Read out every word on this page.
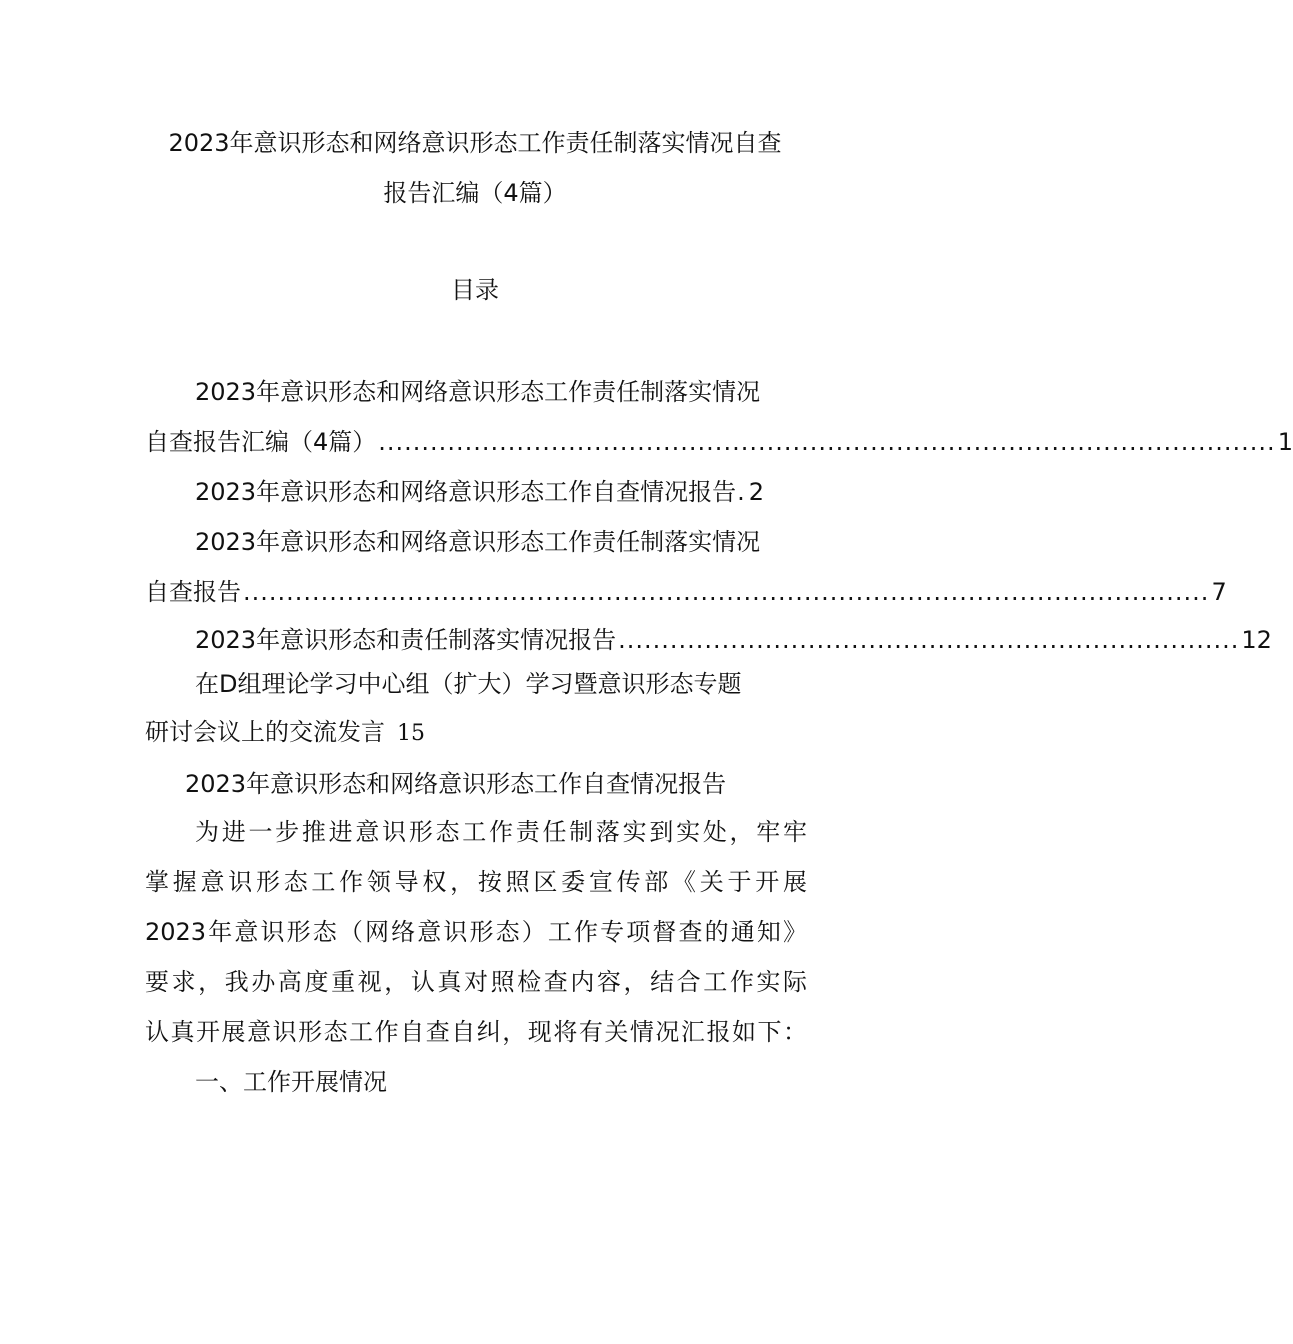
2023年意识形态和网络意识形态工作责任制落实情况自查
报告汇编（4篇）
目录
2023年意识形态和网络意识形态工作责任制落实情况
自查报告汇编（4篇） ........................................................................................................ 1
2023年意识形态和网络意识形态工作自查情况报告 . 2
2023年意识形态和网络意识形态工作责任制落实情况
自查报告 ................................................................................................................ 7
2023年意识形态和责任制落实情况报告 ........................................................................ 12
在D组理论学习中心组（扩大）学习暨意识形态专题
研讨会议上的交流发言 15
2023年意识形态和网络意识形态工作自查情况报告
为进一步推进意识形态工作责任制落实到实处，牢牢
掌握意识形态工作领导权，按照区委宣传部《关于开展
2023年意识形态（网络意识形态）工作专项督查的通知》
要求，我办高度重视，认真对照检查内容，结合工作实际
认真开展意识形态工作自查自纠，现将有关情况汇报如下：
一、工作开展情况
